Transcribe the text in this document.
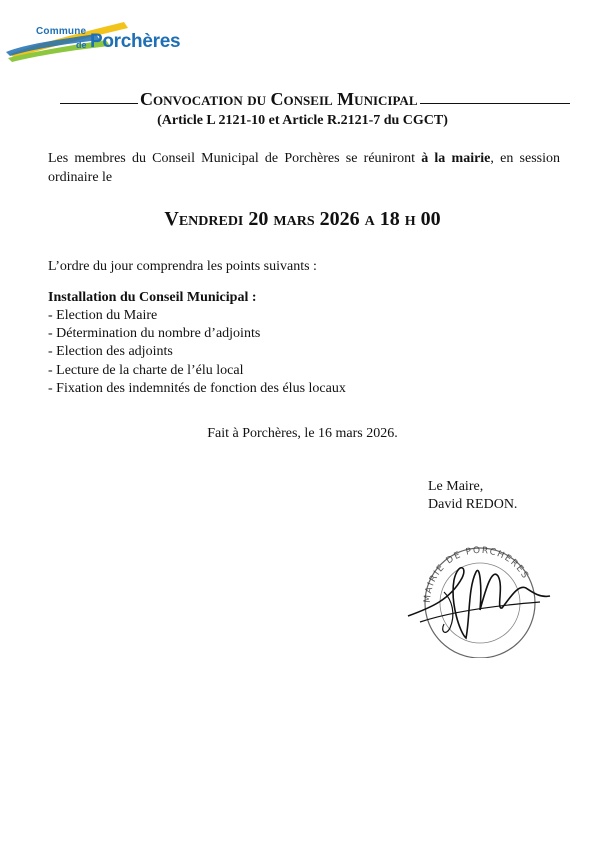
Commune
de Porchères
Convocation du Conseil Municipal
(Article L 2121-10 et Article R.2121-7 du CGCT)
Les membres du Conseil Municipal de Porchères se réuniront à la mairie, en session ordinaire le
Vendredi 20 mars 2026 a 18 h 00
L’ordre du jour comprendra les points suivants :
Installation du Conseil Municipal :
- Election du Maire
- Détermination du nombre d’adjoints
- Election des adjoints
- Lecture de la charte de l’élu local
- Fixation des indemnités de fonction des élus locaux
Fait à Porchères, le 16 mars 2026.
Le Maire,
David REDON.
MAIRIE DE PORCHERES
